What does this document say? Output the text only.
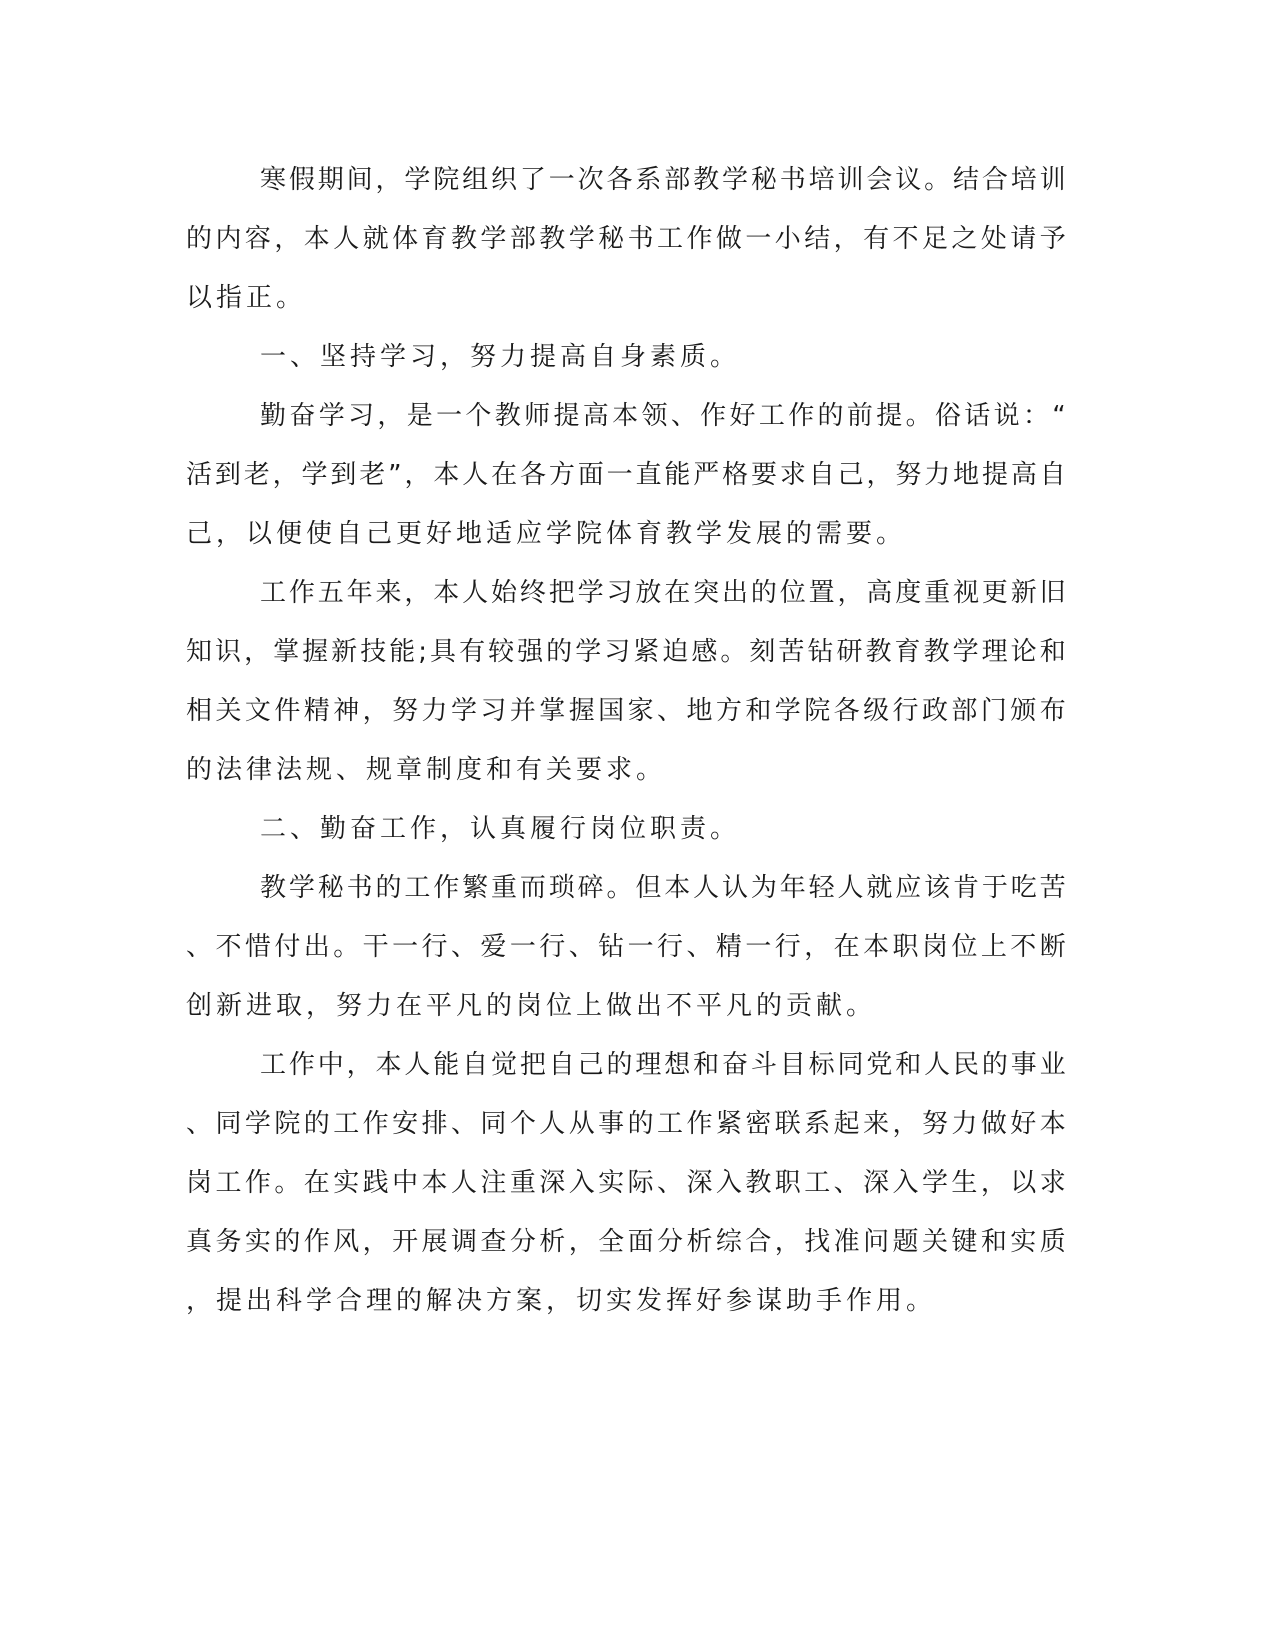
寒 假 期 间 ， 学 院 组 织 了 一 次 各 系 部 教 学 秘 书 培 训 会 议 。 结 合 培 训

的 内 容 ， 本 人 就 体 育 教 学 部 教 学 秘 书 工 作 做 一 小 结 ， 有 不 足 之 处 请 予

以指正。

一、坚持学习，努力提高自身素质。

勤 奋 学 习 ， 是 一 个 教 师 提 高 本 领 、 作 好 工 作 的 前 提 。 俗 话 说 ： “

活 到 老 ， 学 到 老 ” ， 本 人 在 各 方 面 一 直 能 严 格 要 求 自 己 ， 努 力 地 提 高 自

己，以便使自己更好地适应学院体育教学发展的需要。

工 作 五 年 来 ， 本 人 始 终 把 学 习 放 在 突 出 的 位 置 ， 高 度 重 视 更 新 旧

知 识 ， 掌 握 新 技 能 ; 具 有 较 强 的 学 习 紧 迫 感 。 刻 苦 钻 研 教 育 教 学 理 论 和

相 关 文 件 精 神 ， 努 力 学 习 并 掌 握 国 家 、 地 方 和 学 院 各 级 行 政 部 门 颁 布

的法律法规、规章制度和有关要求。

二、勤奋工作，认真履行岗位职责。

教 学 秘 书 的 工 作 繁 重 而 琐 碎 。 但 本 人 认 为 年 轻 人 就 应 该 肯 于 吃 苦

、 不 惜 付 出 。 干 一 行 、 爱 一 行 、 钻 一 行 、 精 一 行 ， 在 本 职 岗 位 上 不 断

创新进取，努力在平凡的岗位上做出不平凡的贡献。

工 作 中 ， 本 人 能 自 觉 把 自 己 的 理 想 和 奋 斗 目 标 同 党 和 人 民 的 事 业

、 同 学 院 的 工 作 安 排 、 同 个 人 从 事 的 工 作 紧 密 联 系 起 来 ， 努 力 做 好 本

岗 工 作 。 在 实 践 中 本 人 注 重 深 入 实 际 、 深 入 教 职 工 、 深 入 学 生 ， 以 求

真 务 实 的 作 风 ， 开 展 调 查 分 析 ， 全 面 分 析 综 合 ， 找 准 问 题 关 键 和 实 质

，提出科学合理的解决方案，切实发挥好参谋助手作用。
